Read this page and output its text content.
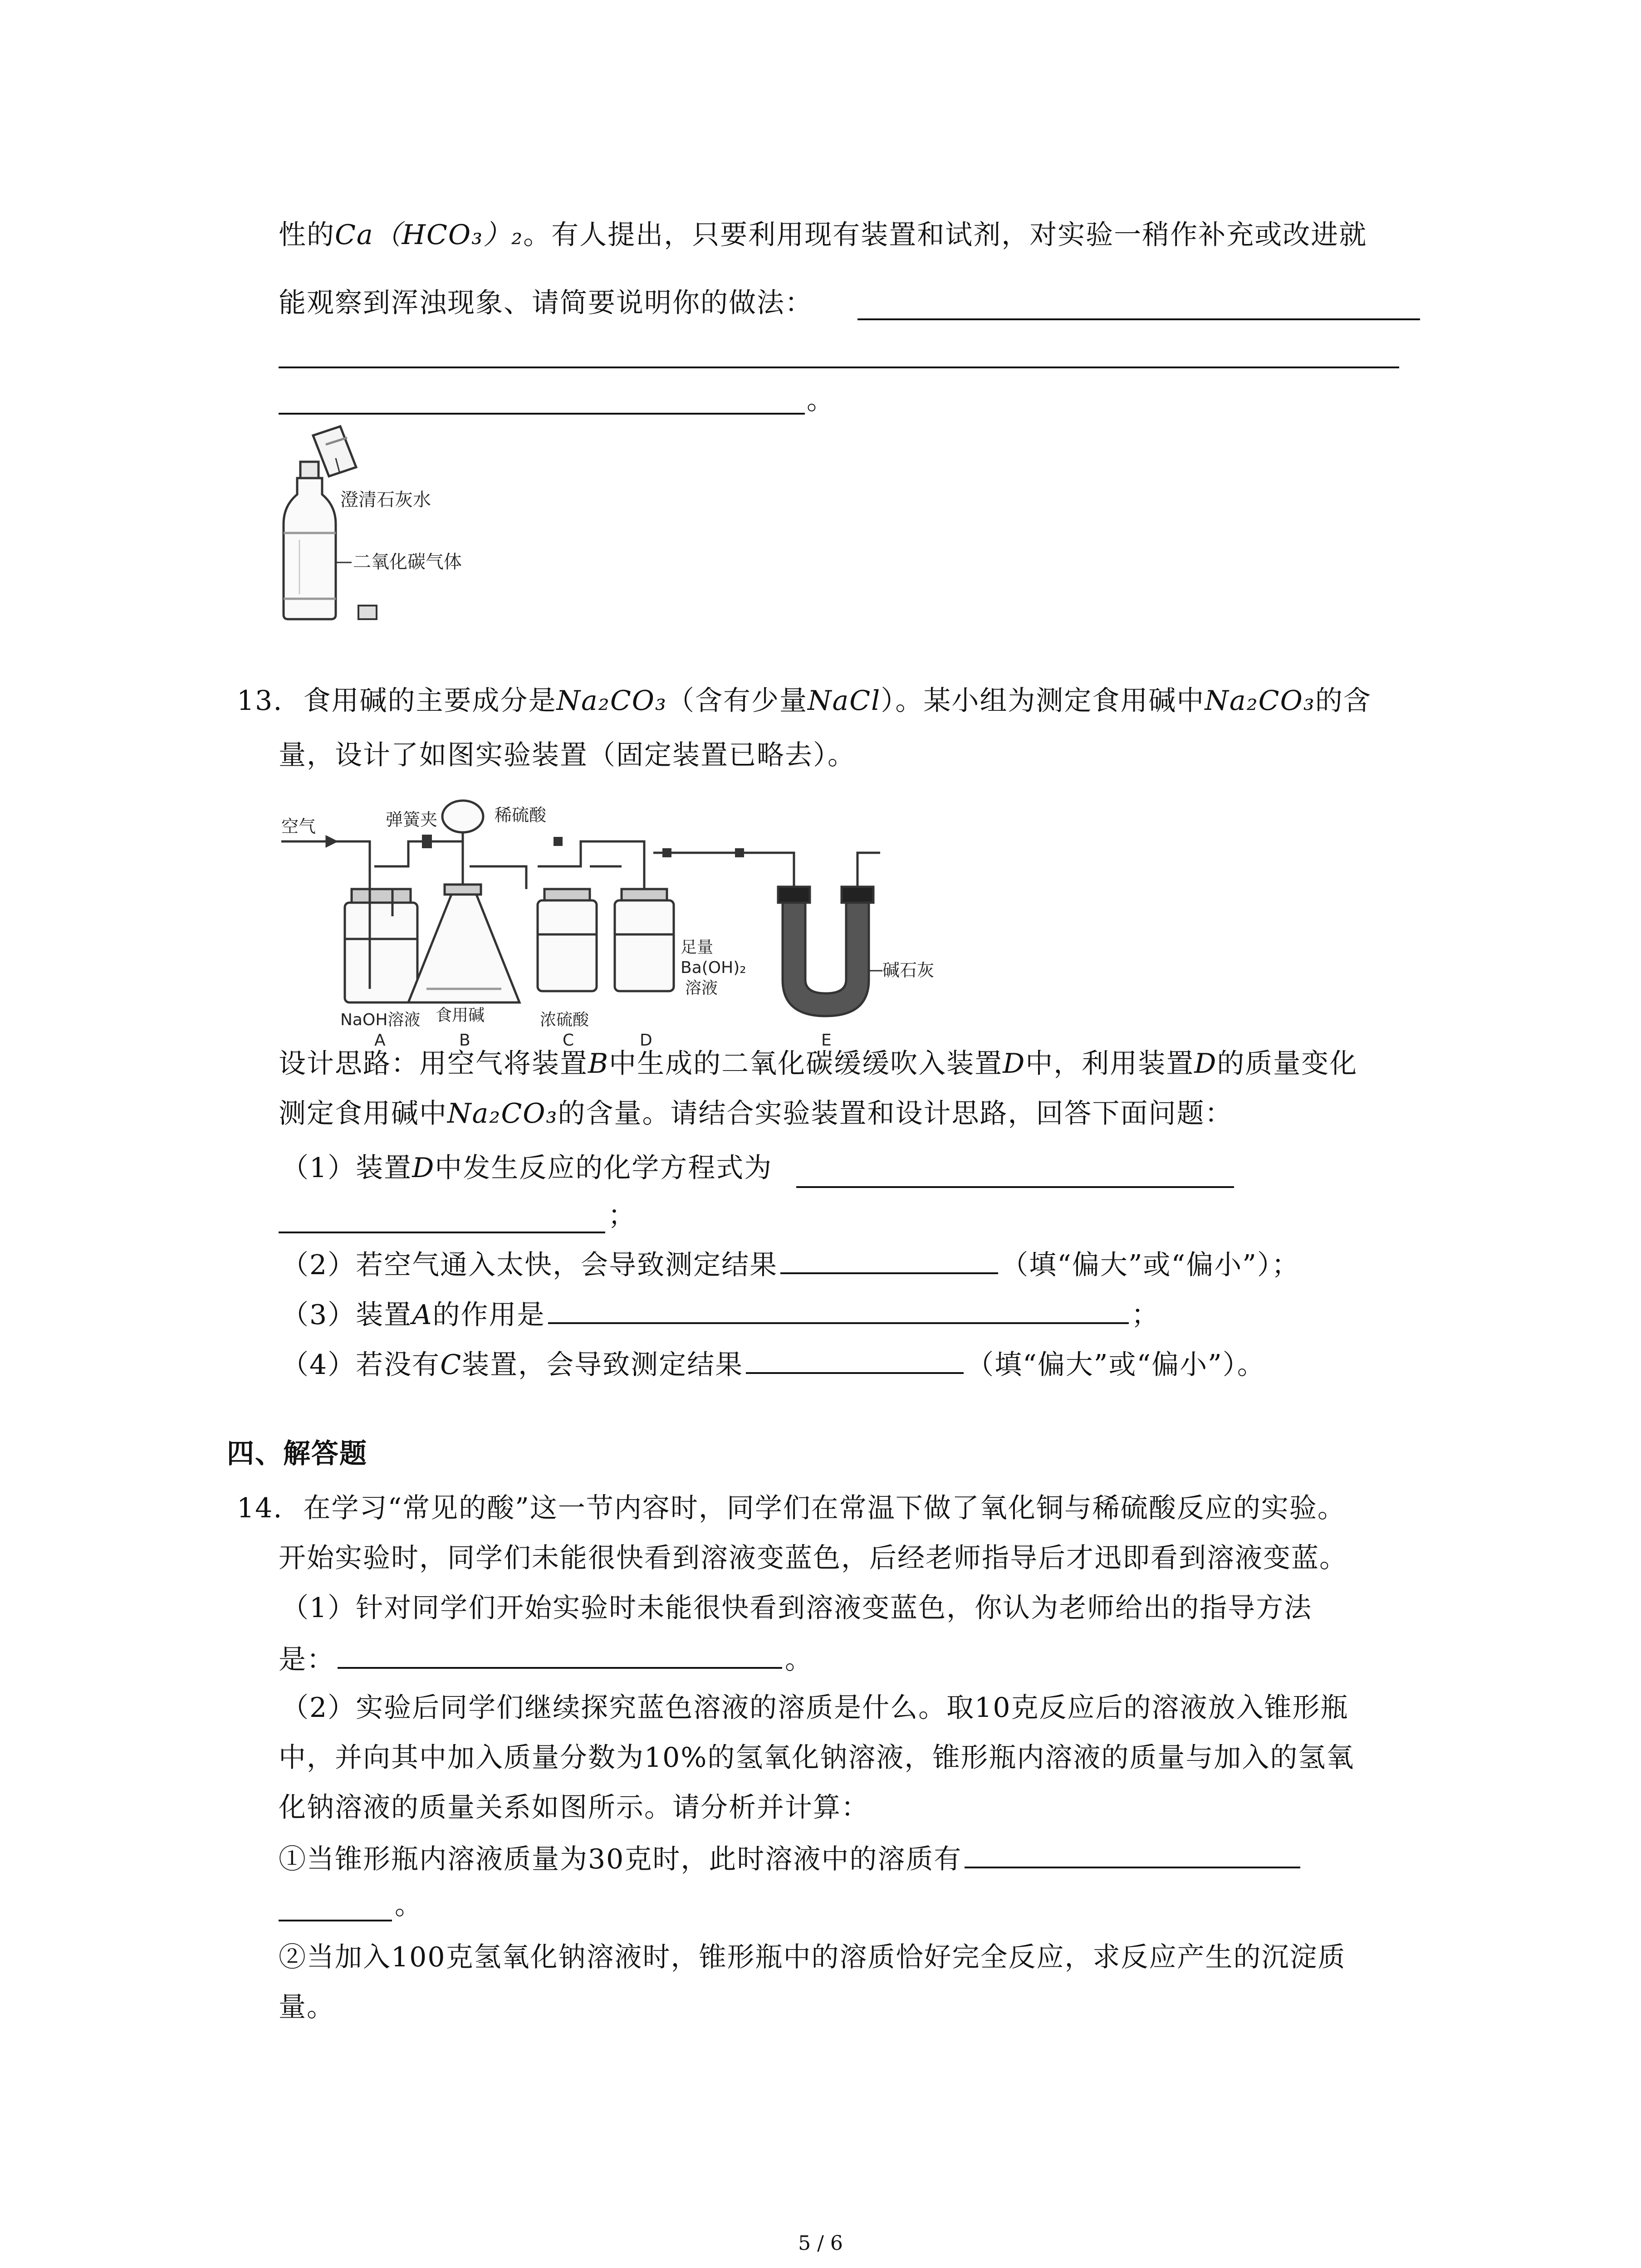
性的Ca（HCO₃）₂。有人提出，只要利用现有装置和试剂，对实验一稍作补充或改进就
能观察到浑浊现象、请简要说明你的做法：
。
澄清石灰水
二氧化碳气体
13. 食用碱的主要成分是Na₂CO₃（含有少量NaCl）。某小组为测定食用碱中Na₂CO₃的含
量，设计了如图实验装置（固定装置已略去）。
空气	弹簧夹	稀硫酸
NaOH溶液 食用碱	浓硫酸
足量
Ba(OH)₂
溶液
碱石灰
A	B	C	D	E
设计思路：用空气将装置B中生成的二氧化碳缓缓吹入装置D中，利用装置D的质量变化
测定食用碱中Na₂CO₃的含量。请结合实验装置和设计思路，回答下面问题：
（1）装置D中发生反应的化学方程式为
；
（2）若空气通入太快，会导致测定结果	（填“偏大”或“偏小”）；
（3）装置A的作用是	；
（4）若没有C装置，会导致测定结果	（填“偏大”或“偏小”）。
四、解答题
14. 在学习“常见的酸”这一节内容时，同学们在常温下做了氧化铜与稀硫酸反应的实验。
开始实验时，同学们未能很快看到溶液变蓝色，后经老师指导后才迅即看到溶液变蓝。
（1）针对同学们开始实验时未能很快看到溶液变蓝色，你认为老师给出的指导方法
是：	。
（2）实验后同学们继续探究蓝色溶液的溶质是什么。取10克反应后的溶液放入锥形瓶
中，并向其中加入质量分数为10%的氢氧化钠溶液，锥形瓶内溶液的质量与加入的氢氧
化钠溶液的质量关系如图所示。请分析并计算：
①当锥形瓶内溶液质量为30克时，此时溶液中的溶质有
。
②当加入100克氢氧化钠溶液时，锥形瓶中的溶质恰好完全反应，求反应产生的沉淀质
量。
5 / 6
